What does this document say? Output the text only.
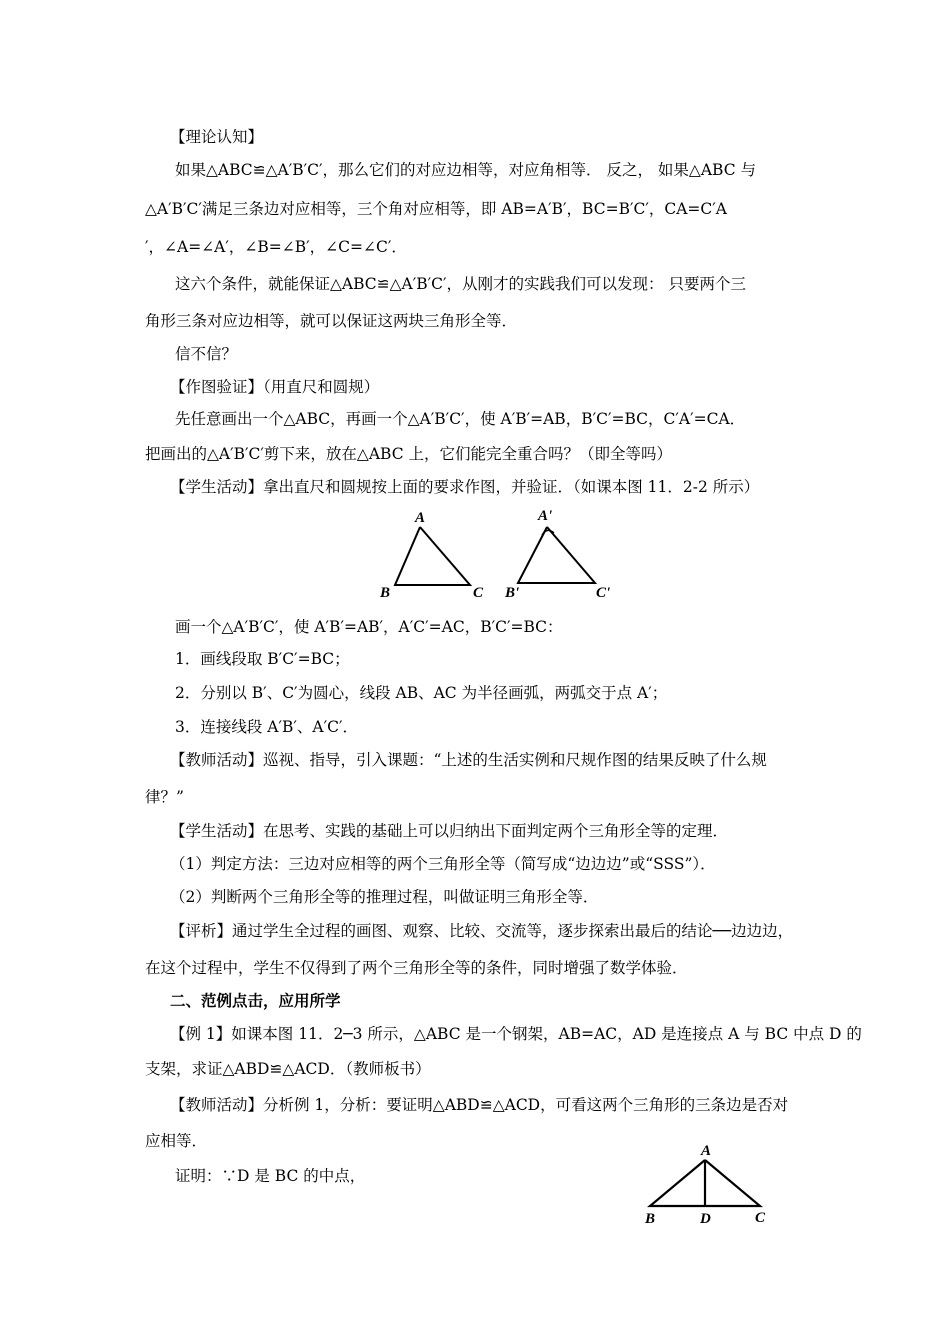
【理论认知】
如果△ABC≌△A′B′C′，那么它们的对应边相等，对应角相等． 反之， 如果△ABC 与
△A′B′C′满足三条边对应相等，三个角对应相等，即 AB=A′B′，BC=B′C′，CA=C′A
′，∠A=∠A′，∠B=∠B′，∠C=∠C′．
这六个条件，就能保证△ABC≌△A′B′C′，从刚才的实践我们可以发现： 只要两个三
角形三条对应边相等，就可以保证这两块三角形全等．
信不信？
【作图验证】（用直尺和圆规）
先任意画出一个△ABC，再画一个△A′B′C′，使 A′B′=AB，B′C′=BC，C′A′=CA．
把画出的△A′B′C′剪下来，放在△ABC 上，它们能完全重合吗？（即全等吗）
【学生活动】拿出直尺和圆规按上面的要求作图，并验证．（如课本图 11．2-2 所示）
A
B	C
A'
B'	C'
画一个△A′B′C′，使 A′B′=AB′，A′C′=AC，B′C′=BC：
1．画线段取 B′C′=BC；
2．分别以 B′、C′为圆心，线段 AB、AC 为半径画弧，两弧交于点 A′；
3．连接线段 A′B′、A′C′．
【教师活动】巡视、指导，引入课题：“上述的生活实例和尺规作图的结果反映了什么规
律？”
【学生活动】在思考、实践的基础上可以归纳出下面判定两个三角形全等的定理．
（1）判定方法：三边对应相等的两个三角形全等（简写成“边边边”或“SSS”）．
（2）判断两个三角形全等的推理过程，叫做证明三角形全等．
【评析】通过学生全过程的画图、观察、比较、交流等，逐步探索出最后的结论──边边边，
在这个过程中，学生不仅得到了两个三角形全等的条件，同时增强了数学体验．
二、范例点击，应用所学
【例 1】如课本图 11．2─3 所示，△ABC 是一个钢架，AB=AC，AD 是连接点 A 与 BC 中点 D 的
支架，求证△ABD≌△ACD．（教师板书）
【教师活动】分析例 1，分析：要证明△ABD≌△ACD，可看这两个三角形的三条边是否对
应相等．
证明：∵D 是 BC 的中点，
A
B	D	C
